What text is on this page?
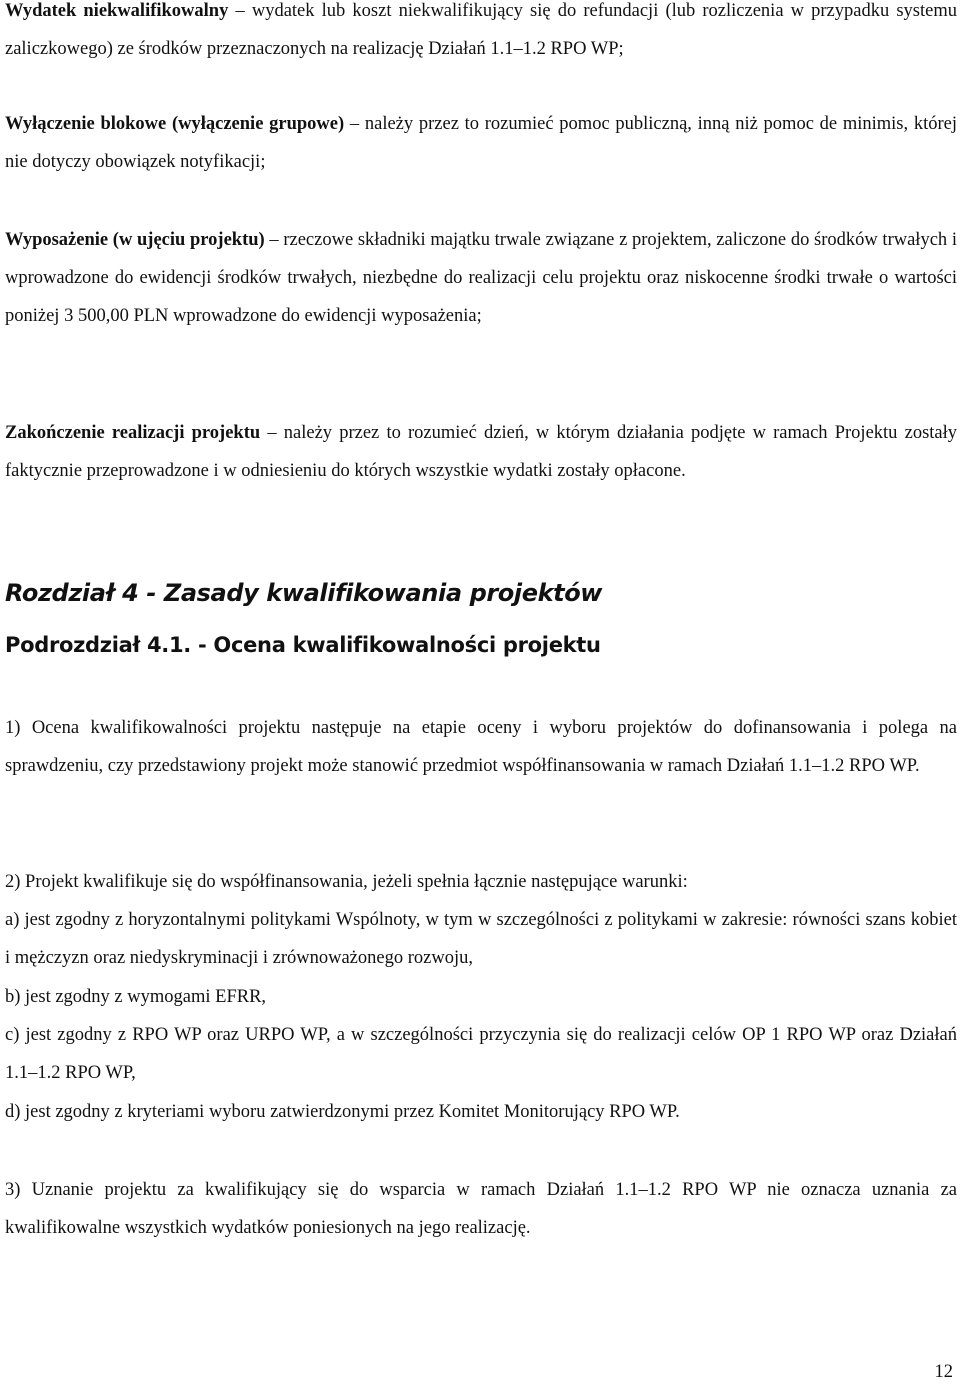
Wydatek niekwalifikowalny – wydatek lub koszt niekwalifikujący się do refundacji (lub rozliczenia w przypadku systemu zaliczkowego) ze środków przeznaczonych na realizację Działań 1.1–1.2 RPO WP;

Wyłączenie blokowe (wyłączenie grupowe) – należy przez to rozumieć pomoc publiczną, inną niż pomoc de minimis, której nie dotyczy obowiązek notyfikacji;

Wyposażenie (w ujęciu projektu) – rzeczowe składniki majątku trwale związane z projektem, zaliczone do środków trwałych i wprowadzone do ewidencji środków trwałych, niezbędne do realizacji celu projektu oraz niskocenne środki trwałe o wartości poniżej 3 500,00 PLN wprowadzone do ewidencji wyposażenia;

Zakończenie realizacji projektu – należy przez to rozumieć dzień, w którym działania podjęte w ramach Projektu zostały faktycznie przeprowadzone i w odniesieniu do których wszystkie wydatki zostały opłacone.

Rozdział 4 - Zasady kwalifikowania projektów
Podrozdział 4.1. - Ocena kwalifikowalności projektu

1) Ocena kwalifikowalności projektu następuje na etapie oceny i wyboru projektów do dofinansowania i polega na sprawdzeniu, czy przedstawiony projekt może stanowić przedmiot współfinansowania w ramach Działań 1.1–1.2 RPO WP.

2) Projekt kwalifikuje się do współfinansowania, jeżeli spełnia łącznie następujące warunki:

a) jest zgodny z horyzontalnymi politykami Wspólnoty, w tym w szczególności z politykami w zakresie: równości szans kobiet i mężczyzn oraz niedyskryminacji i zrównoważonego rozwoju,

b) jest zgodny z wymogami EFRR,

c) jest zgodny z RPO WP oraz URPO WP, a w szczególności przyczynia się do realizacji celów OP 1 RPO WP oraz Działań 1.1–1.2 RPO WP,

d) jest zgodny z kryteriami wyboru zatwierdzonymi przez Komitet Monitorujący RPO WP.

3) Uznanie projektu za kwalifikujący się do wsparcia w ramach Działań 1.1–1.2 RPO WP nie oznacza uznania za kwalifikowalne wszystkich wydatków poniesionych na jego realizację.

12
